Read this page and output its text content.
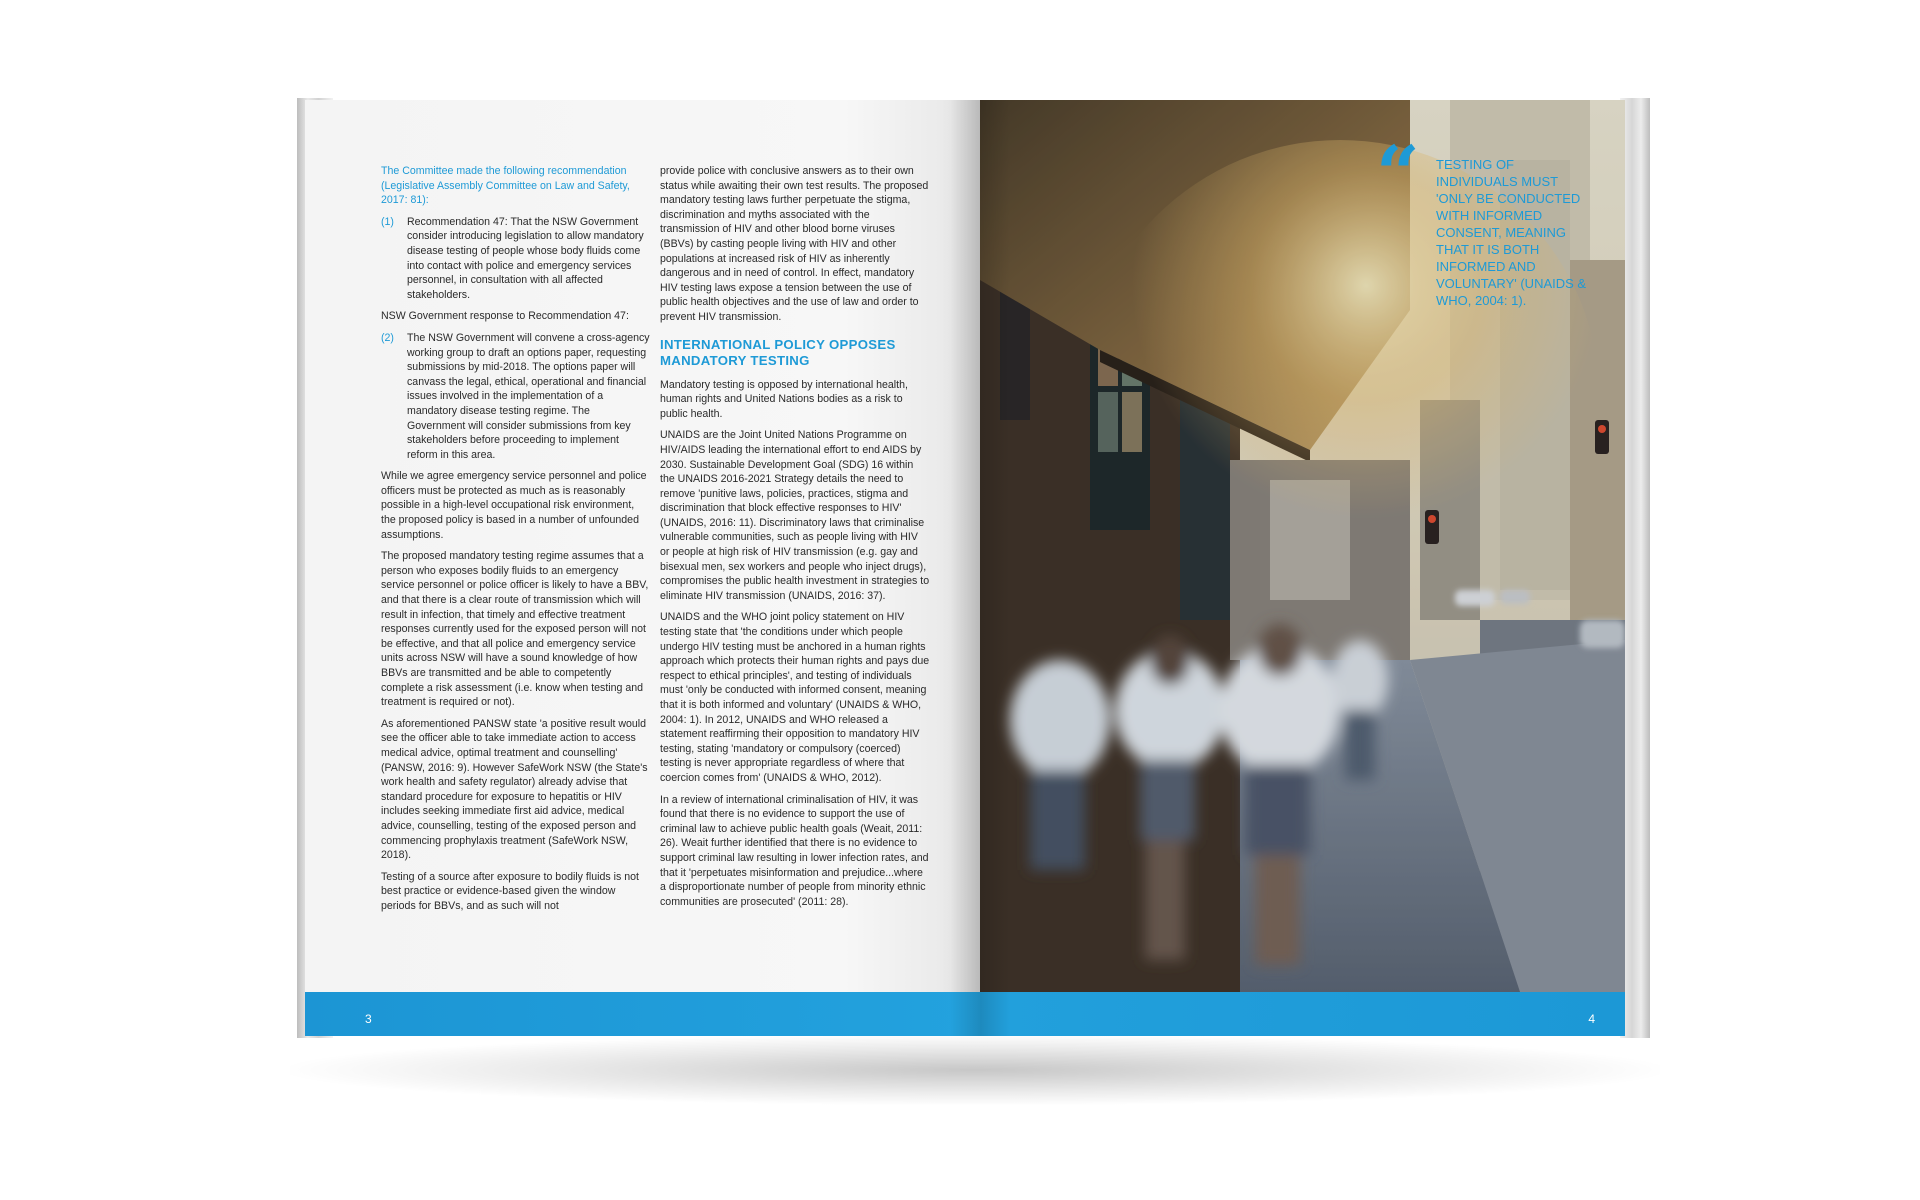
The Committee made the following recommendation (Legislative Assembly Committee on Law and Safety, 2017: 81):

(1)	Recommendation 47: That the NSW Government consider introducing legislation to allow mandatory disease testing of people whose body fluids come into contact with police and emergency services personnel, in consultation with all affected stakeholders.

NSW Government response to Recommendation 47:

(2)	The NSW Government will convene a cross-agency working group to draft an options paper, requesting submissions by mid-2018. The options paper will canvass the legal, ethical, operational and financial issues involved in the implementation of a mandatory disease testing regime. The Government will consider submissions from key stakeholders before proceeding to implement reform in this area.

While we agree emergency service personnel and police officers must be protected as much as is reasonably possible in a high-level occupational risk environment, the proposed policy is based in a number of unfounded assumptions.

The proposed mandatory testing regime assumes that a person who exposes bodily fluids to an emergency service personnel or police officer is likely to have a BBV, and that there is a clear route of transmission which will result in infection, that timely and effective treatment responses currently used for the exposed person will not be effective, and that all police and emergency service units across NSW will have a sound knowledge of how BBVs are transmitted and be able to competently complete a risk assessment (i.e. know when testing and treatment is required or not).

As aforementioned PANSW state 'a positive result would see the officer able to take immediate action to access medical advice, optimal treatment and counselling' (PANSW, 2016: 9). However SafeWork NSW (the State's work health and safety regulator) already advise that standard procedure for exposure to hepatitis or HIV includes seeking immediate first aid advice, medical advice, counselling, testing of the exposed person and commencing prophylaxis treatment (SafeWork NSW, 2018).

Testing of a source after exposure to bodily fluids is not best practice or evidence-based given the window periods for BBVs, and as such will not

provide police with conclusive answers as to their own status while awaiting their own test results. The proposed mandatory testing laws further perpetuate the stigma, discrimination and myths associated with the transmission of HIV and other blood borne viruses (BBVs) by casting people living with HIV and other populations at increased risk of HIV as inherently dangerous and in need of control. In effect, mandatory HIV testing laws expose a tension between the use of public health objectives and the use of law and order to prevent HIV transmission.

INTERNATIONAL POLICY OPPOSES MANDATORY TESTING

Mandatory testing is opposed by international health, human rights and United Nations bodies as a risk to public health.

UNAIDS are the Joint United Nations Programme on HIV/AIDS leading the international effort to end AIDS by 2030. Sustainable Development Goal (SDG) 16 within the UNAIDS 2016-2021 Strategy details the need to remove 'punitive laws, policies, practices, stigma and discrimination that block effective responses to HIV' (UNAIDS, 2016: 11). Discriminatory laws that criminalise vulnerable communities, such as people living with HIV or people at high risk of HIV transmission (e.g. gay and bisexual men, sex workers and people who inject drugs), compromises the public health investment in strategies to eliminate HIV transmission (UNAIDS, 2016: 37).

UNAIDS and the WHO joint policy statement on HIV testing state that 'the conditions under which people undergo HIV testing must be anchored in a human rights approach which protects their human rights and pays due respect to ethical principles', and testing of individuals must 'only be conducted with informed consent, meaning that it is both informed and voluntary' (UNAIDS & WHO, 2004: 1). In 2012, UNAIDS and WHO released a statement reaffirming their opposition to mandatory HIV testing, stating 'mandatory or compulsory (coerced) testing is never appropriate regardless of where that coercion comes from' (UNAIDS & WHO, 2012).

In a review of international criminalisation of HIV, it was found that there is no evidence to support the use of criminal law to achieve public health goals (Weait, 2011: 26). Weait further identified that there is no evidence to support criminal law resulting in lower infection rates, and that it 'perpetuates misinformation and prejudice...where a disproportionate number of people from minority ethnic communities are prosecuted' (2011: 28).

3
“ TESTING OF INDIVIDUALS MUST 'ONLY BE CONDUCTED WITH INFORMED CONSENT, MEANING THAT IT IS BOTH INFORMED AND VOLUNTARY' (UNAIDS & WHO, 2004: 1).
4
